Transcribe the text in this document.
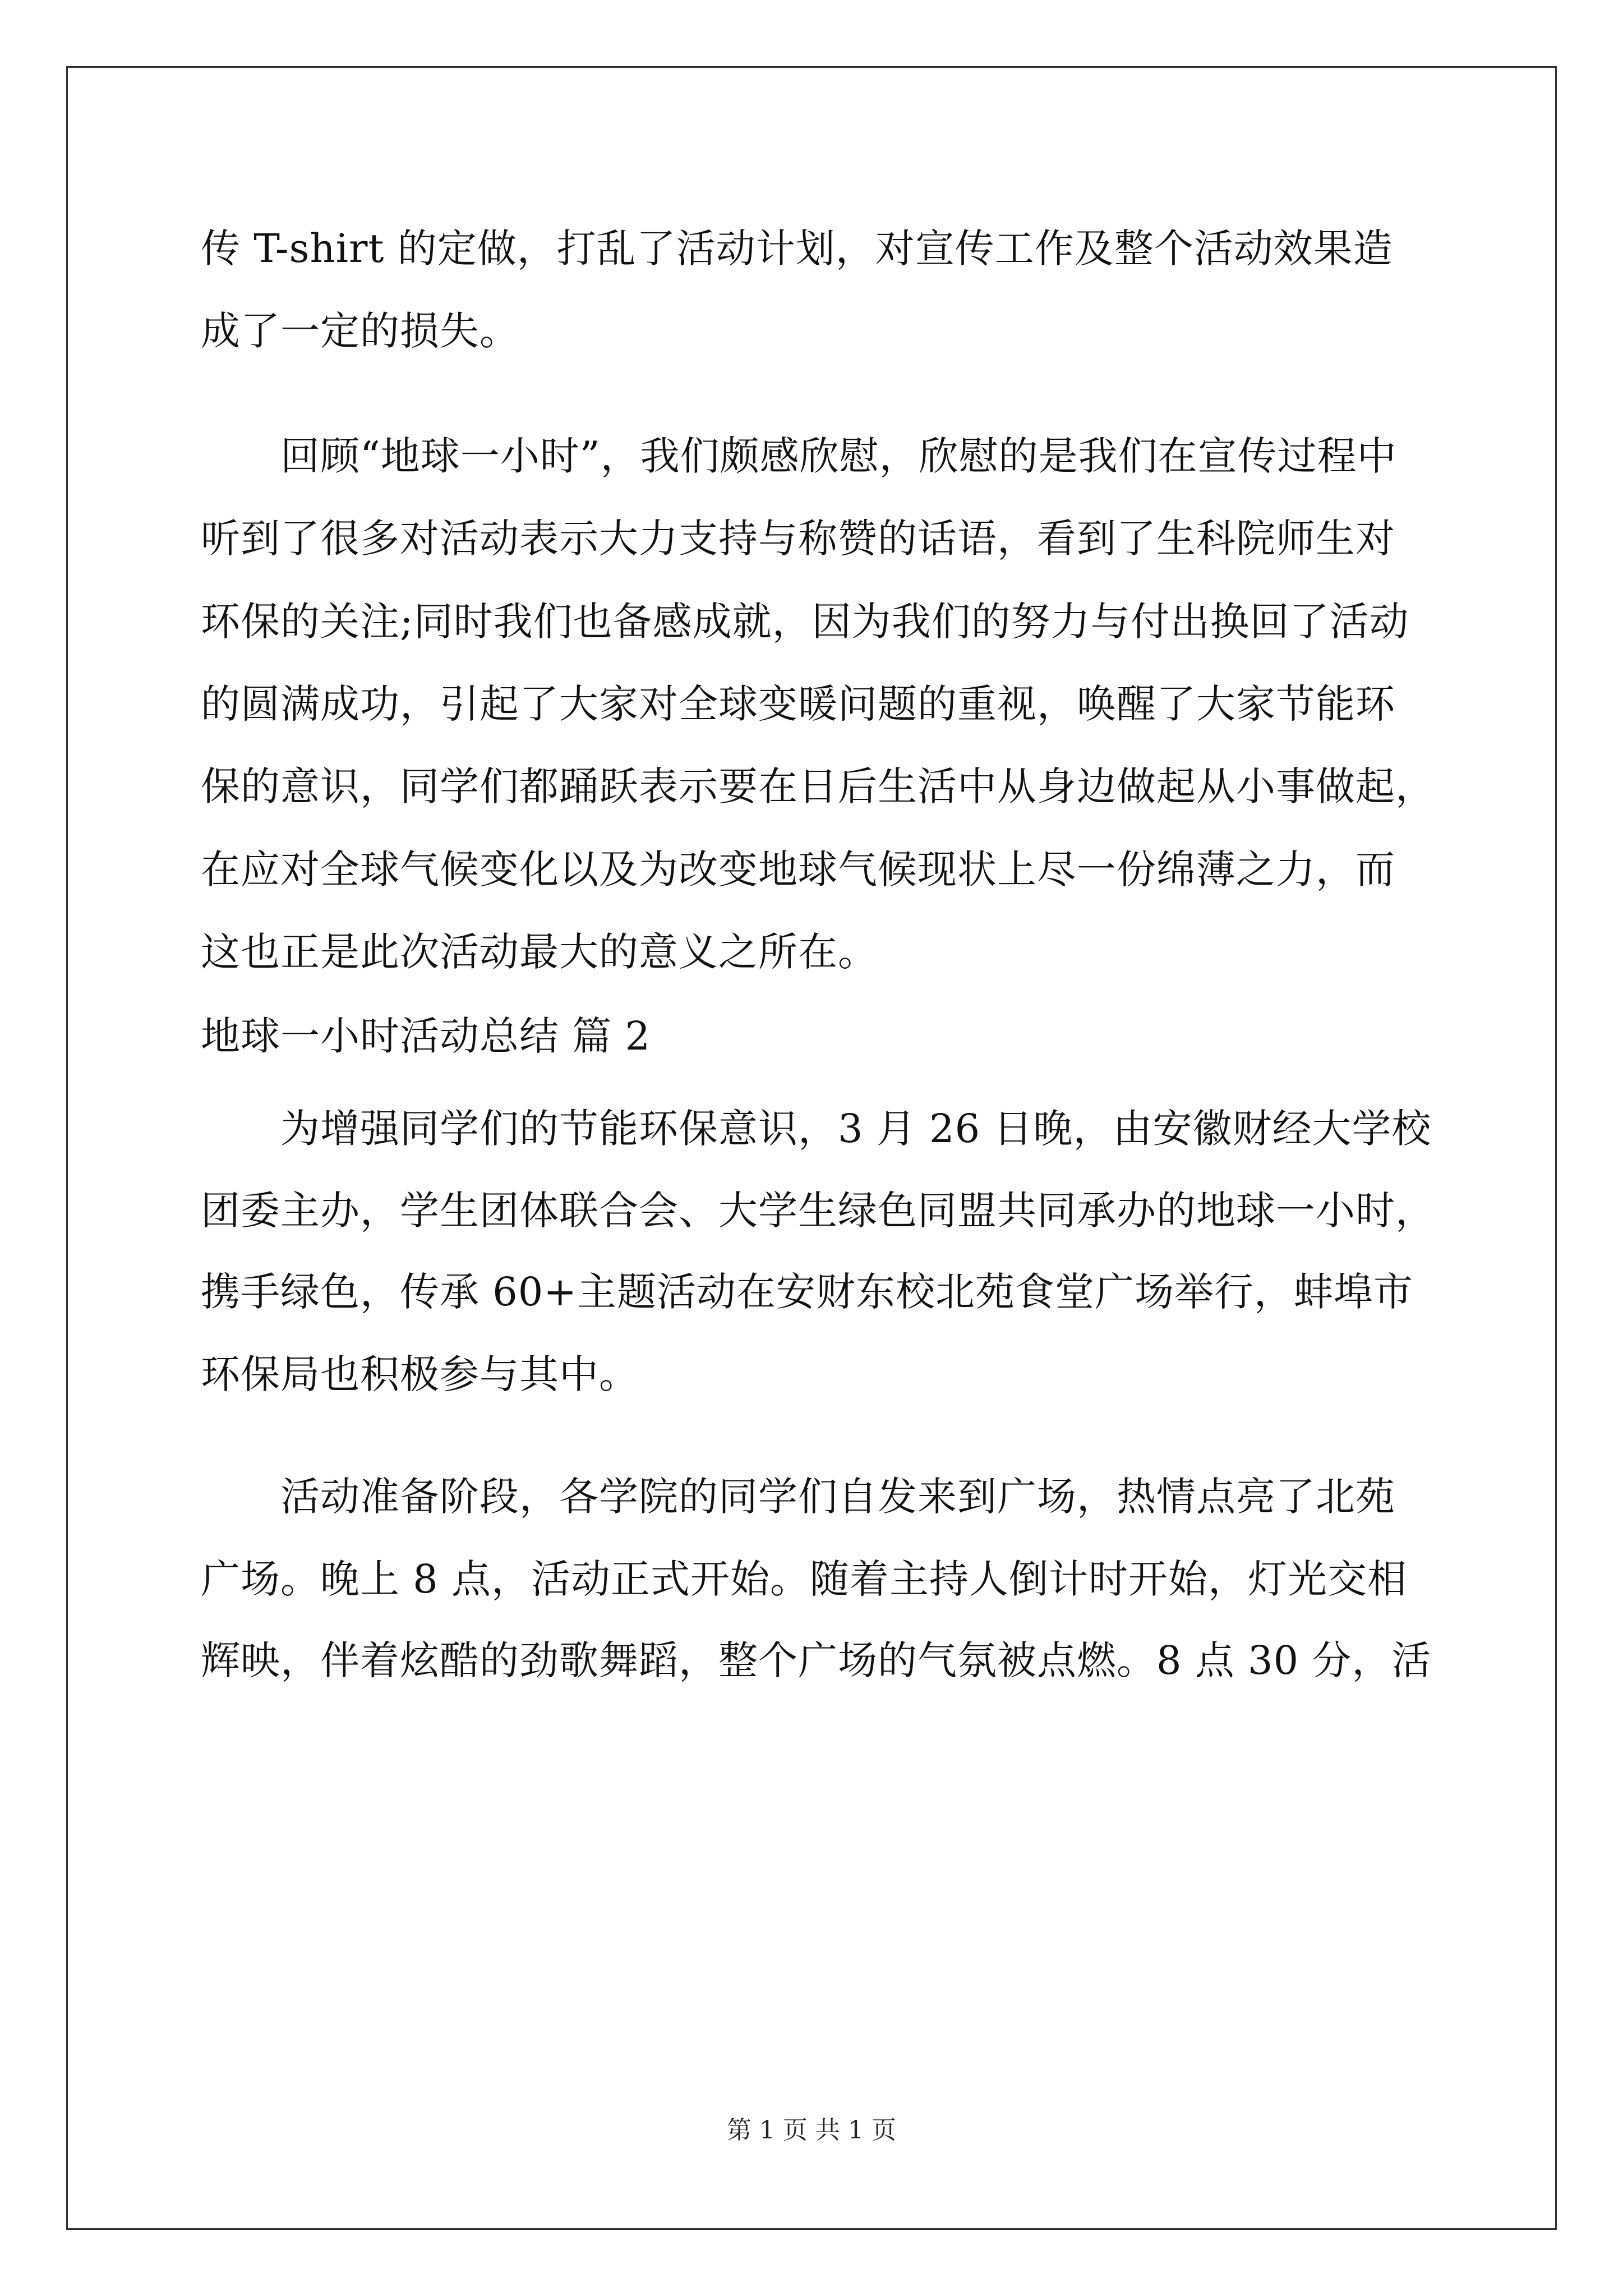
传 T-shirt 的定做，打乱了活动计划，对宣传工作及整个活动效果造
成了一定的损失。
回顾“地球一小时”，我们颇感欣慰，欣慰的是我们在宣传过程中
听到了很多对活动表示大力支持与称赞的话语，看到了生科院师生对
环保的关注;同时我们也备感成就，因为我们的努力与付出换回了活动
的圆满成功，引起了大家对全球变暖问题的重视，唤醒了大家节能环
保的意识，同学们都踊跃表示要在日后生活中从身边做起从小事做起，
在应对全球气候变化以及为改变地球气候现状上尽一份绵薄之力，而
这也正是此次活动最大的意义之所在。
地球一小时活动总结 篇 2
为增强同学们的节能环保意识，3 月 26 日晚，由安徽财经大学校
团委主办，学生团体联合会、大学生绿色同盟共同承办的地球一小时，
携手绿色，传承 60+主题活动在安财东校北苑食堂广场举行，蚌埠市
环保局也积极参与其中。
活动准备阶段，各学院的同学们自发来到广场，热情点亮了北苑
广场。晚上 8 点，活动正式开始。随着主持人倒计时开始，灯光交相
辉映，伴着炫酷的劲歌舞蹈，整个广场的气氛被点燃。8 点 30 分，活
第 1 页 共 1 页
